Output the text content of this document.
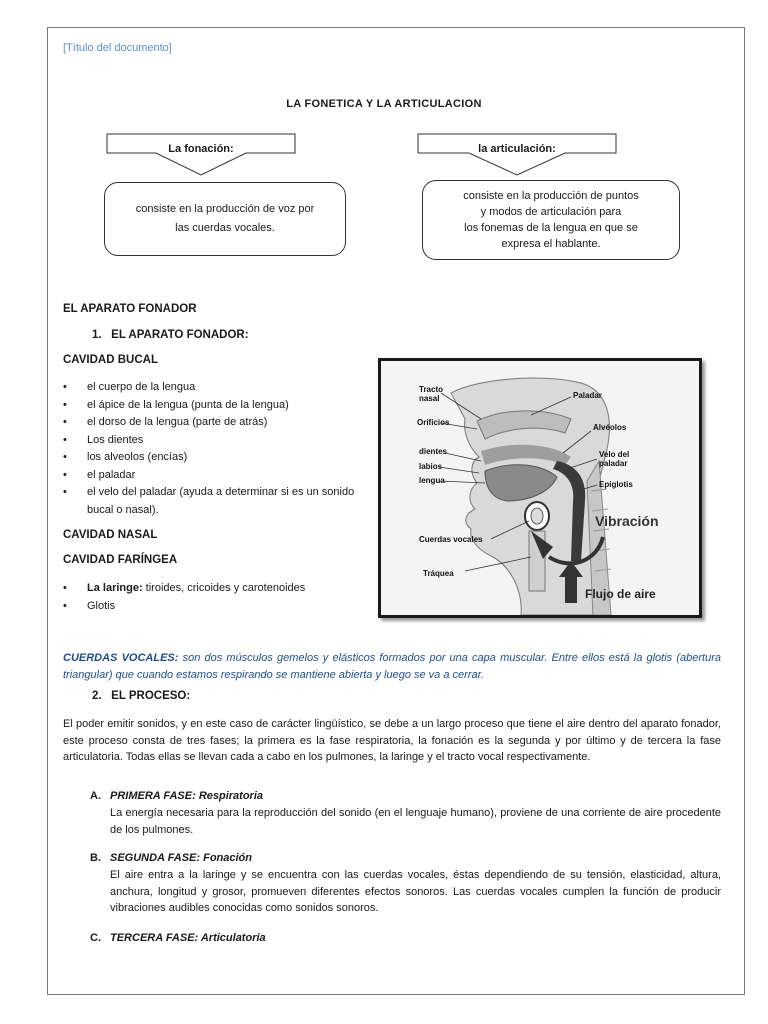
[Título del documento]
LA FONETICA Y LA ARTICULACION
La fonación:
consiste en la producción de voz por
las cuerdas vocales.
la articulación:
consiste en la producción de puntos
y modos de articulación para
los fonemas de la lengua en que se
expresa el hablante.
EL APARATO FONADOR
1.   EL APARATO FONADOR:
CAVIDAD BUCAL
• el cuerpo de la lengua
• el ápice de la lengua (punta de la lengua)
• el dorso de la lengua (parte de atrás)
• Los dientes
• los alveolos (encías)
• el paladar
• el velo del paladar (ayuda a determinar si es un sonido bucal o nasal).
CAVIDAD NASAL
CAVIDAD FARÍNGEA
• La laringe: tiroides, cricoides y carotenoides
• Glotis
Tracto
nasal	Paladar
Orificios
Alvéolos
dientes	Velo del
paladar
labios
lengua	Epiglotis
Cuerdas vocales
Tráquea
Vibración
Flujo de aire
CUERDAS VOCALES: son dos músculos gemelos y elásticos formados por una capa muscular. Entre ellos está la glotis (abertura triangular) que cuando estamos respirando se mantiene abierta y luego se va a cerrar.
2.   EL PROCESO:
El poder emitir sonidos, y en este caso de carácter lingüístico, se debe a un largo proceso que tiene el aire dentro del aparato fonador, este proceso consta de tres fases; la primera es la fase respiratoria, la fonación es la segunda y por último y de tercera la fase articulatoria. Todas ellas se llevan cada a cabo en los pulmones, la laringe y el tracto vocal respectivamente.
A. PRIMERA FASE: Respiratoria
La energía necesaria para la reproducción del sonido (en el lenguaje humano), proviene de una corriente de aire procedente de los pulmones.
B. SEGUNDA FASE: Fonación
El aire entra a la laringe y se encuentra con las cuerdas vocales, éstas dependiendo de su tensión, elasticidad, altura, anchura, longitud y grosor, promueven diferentes efectos sonoros. Las cuerdas vocales cumplen la función de producir vibraciones audibles conocidas como sonidos sonoros.
C. TERCERA FASE: Articulatoria
